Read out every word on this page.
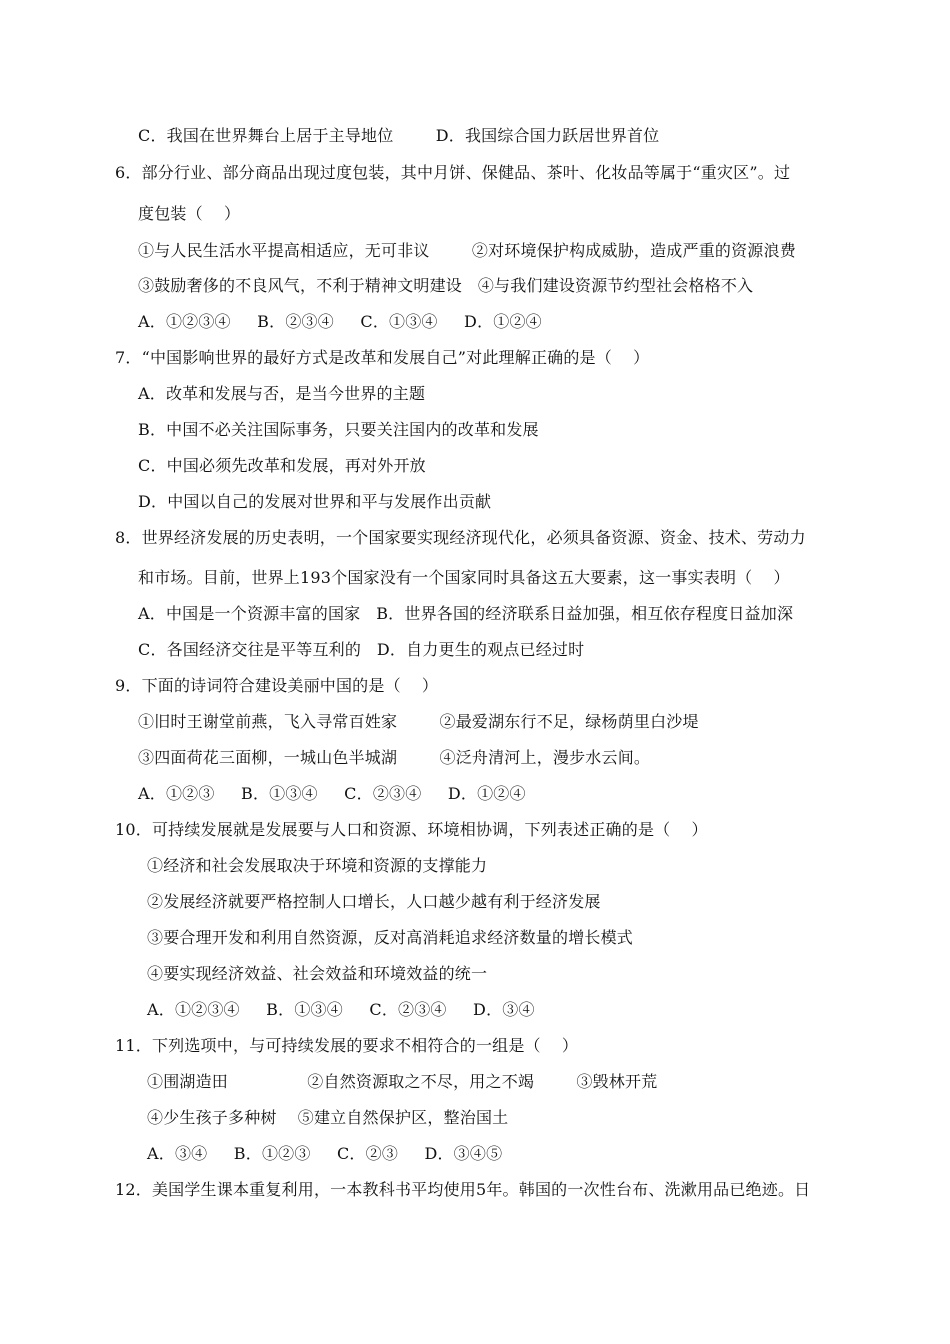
C．我国在世界舞台上居于主导地位        D．我国综合国力跃居世界首位
6．部分行业、部分商品出现过度包装，其中月饼、保健品、茶叶、化妆品等属于“重灾区”。过
度包装（    ）
①与人民生活水平提高相适应，无可非议        ②对环境保护构成威胁，造成严重的资源浪费
③鼓励奢侈的不良风气，不利于精神文明建设   ④与我们建设资源节约型社会格格不入
A．①②③④     B．②③④     C．①③④     D．①②④
7．“中国影响世界的最好方式是改革和发展自己”对此理解正确的是（    ）
A．改革和发展与否，是当今世界的主题
B．中国不必关注国际事务，只要关注国内的改革和发展
C．中国必须先改革和发展，再对外开放
D．中国以自己的发展对世界和平与发展作出贡献
8．世界经济发展的历史表明，一个国家要实现经济现代化，必须具备资源、资金、技术、劳动力
和市场。目前，世界上193个国家没有一个国家同时具备这五大要素，这一事实表明（    ）
A．中国是一个资源丰富的国家   B．世界各国的经济联系日益加强，相互依存程度日益加深
C．各国经济交往是平等互利的   D．自力更生的观点已经过时
9．下面的诗词符合建设美丽中国的是（    ）
①旧时王谢堂前燕，飞入寻常百姓家        ②最爱湖东行不足，绿杨荫里白沙堤
③四面荷花三面柳，一城山色半城湖        ④泛舟清河上，漫步水云间。
A．①②③     B．①③④     C．②③④     D．①②④
10．可持续发展就是发展要与人口和资源、环境相协调，下列表述正确的是（    ）
①经济和社会发展取决于环境和资源的支撑能力
②发展经济就要严格控制人口增长，人口越少越有利于经济发展
③要合理开发和利用自然资源，反对高消耗追求经济数量的增长模式
④要实现经济效益、社会效益和环境效益的统一
A．①②③④     B．①③④     C．②③④     D．③④
11．下列选项中，与可持续发展的要求不相符合的一组是（    ）
①围湖造田               ②自然资源取之不尽，用之不竭        ③毁林开荒
④少生孩子多种树    ⑤建立自然保护区，整治国土
A．③④     B．①②③     C．②③     D．③④⑤
12．美国学生课本重复利用，一本教科书平均使用5年。韩国的一次性台布、洗漱用品已绝迹。日
